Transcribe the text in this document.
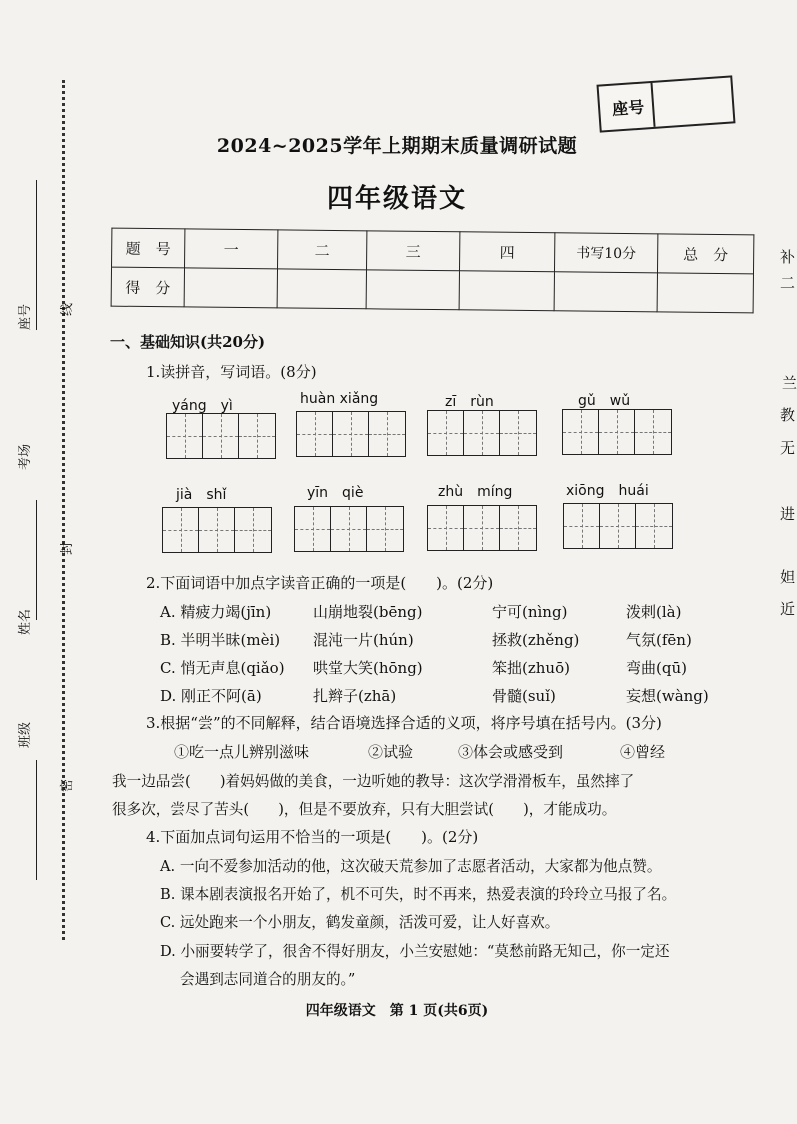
座号	线
考场
封
姓名
班级
密
座号
2024~2025学年上期期末质量调研试题
四年级语文
题　号	一	二	三	四	书写10分	总　分
得　分						
一、基础知识(共20分)
1.读拼音，写词语。(8分)
yáng　yì	huàn xiǎng	zī　rùn	gǔ　wǔ
jià　shǐ	yīn　qiè	zhù　míng	xiōng　huái
2.下面词语中加点字读音正确的一项是(　　)。(2分)
A. 精疲力竭(jīn)	山崩地裂(bēng)	宁可(nìng)	泼剌(là)
B. 半明半昧(mèi) 混沌一片(hún)	拯救(zhěng)	气氛(fēn)
C. 悄无声息(qiǎo) 哄堂大笑(hōng)	笨拙(zhuō)	弯曲(qū)
D. 刚正不阿(ā)	扎辫子(zhā)	骨髓(suǐ)	妄想(wàng)
3.根据“尝”的不同解释，结合语境选择合适的义项，将序号填在括号内。(3分)
①吃一点儿辨别滋味	②试验	③体会或感受到	④曾经
我一边品尝(　　)着妈妈做的美食，一边听她的教导：这次学滑滑板车，虽然摔了
很多次，尝尽了苦头(　　)，但是不要放弃，只有大胆尝试(　　)，才能成功。
4.下面加点词句运用不恰当的一项是(　　)。(2分)
A. 一向不爱参加活动的他，这次破天荒参加了志愿者活动，大家都为他点赞。
B. 课本剧表演报名开始了，机不可失，时不再来，热爱表演的玲玲立马报了名。
C. 远处跑来一个小朋友，鹤发童颜，活泼可爱，让人好喜欢。
D. 小丽要转学了，很舍不得好朋友，小兰安慰她：“莫愁前路无知己，你一定还
会遇到志同道合的朋友的。”
四年级语文　第 1 页(共6页)
补
二
兰
教
无
进
妲
近
